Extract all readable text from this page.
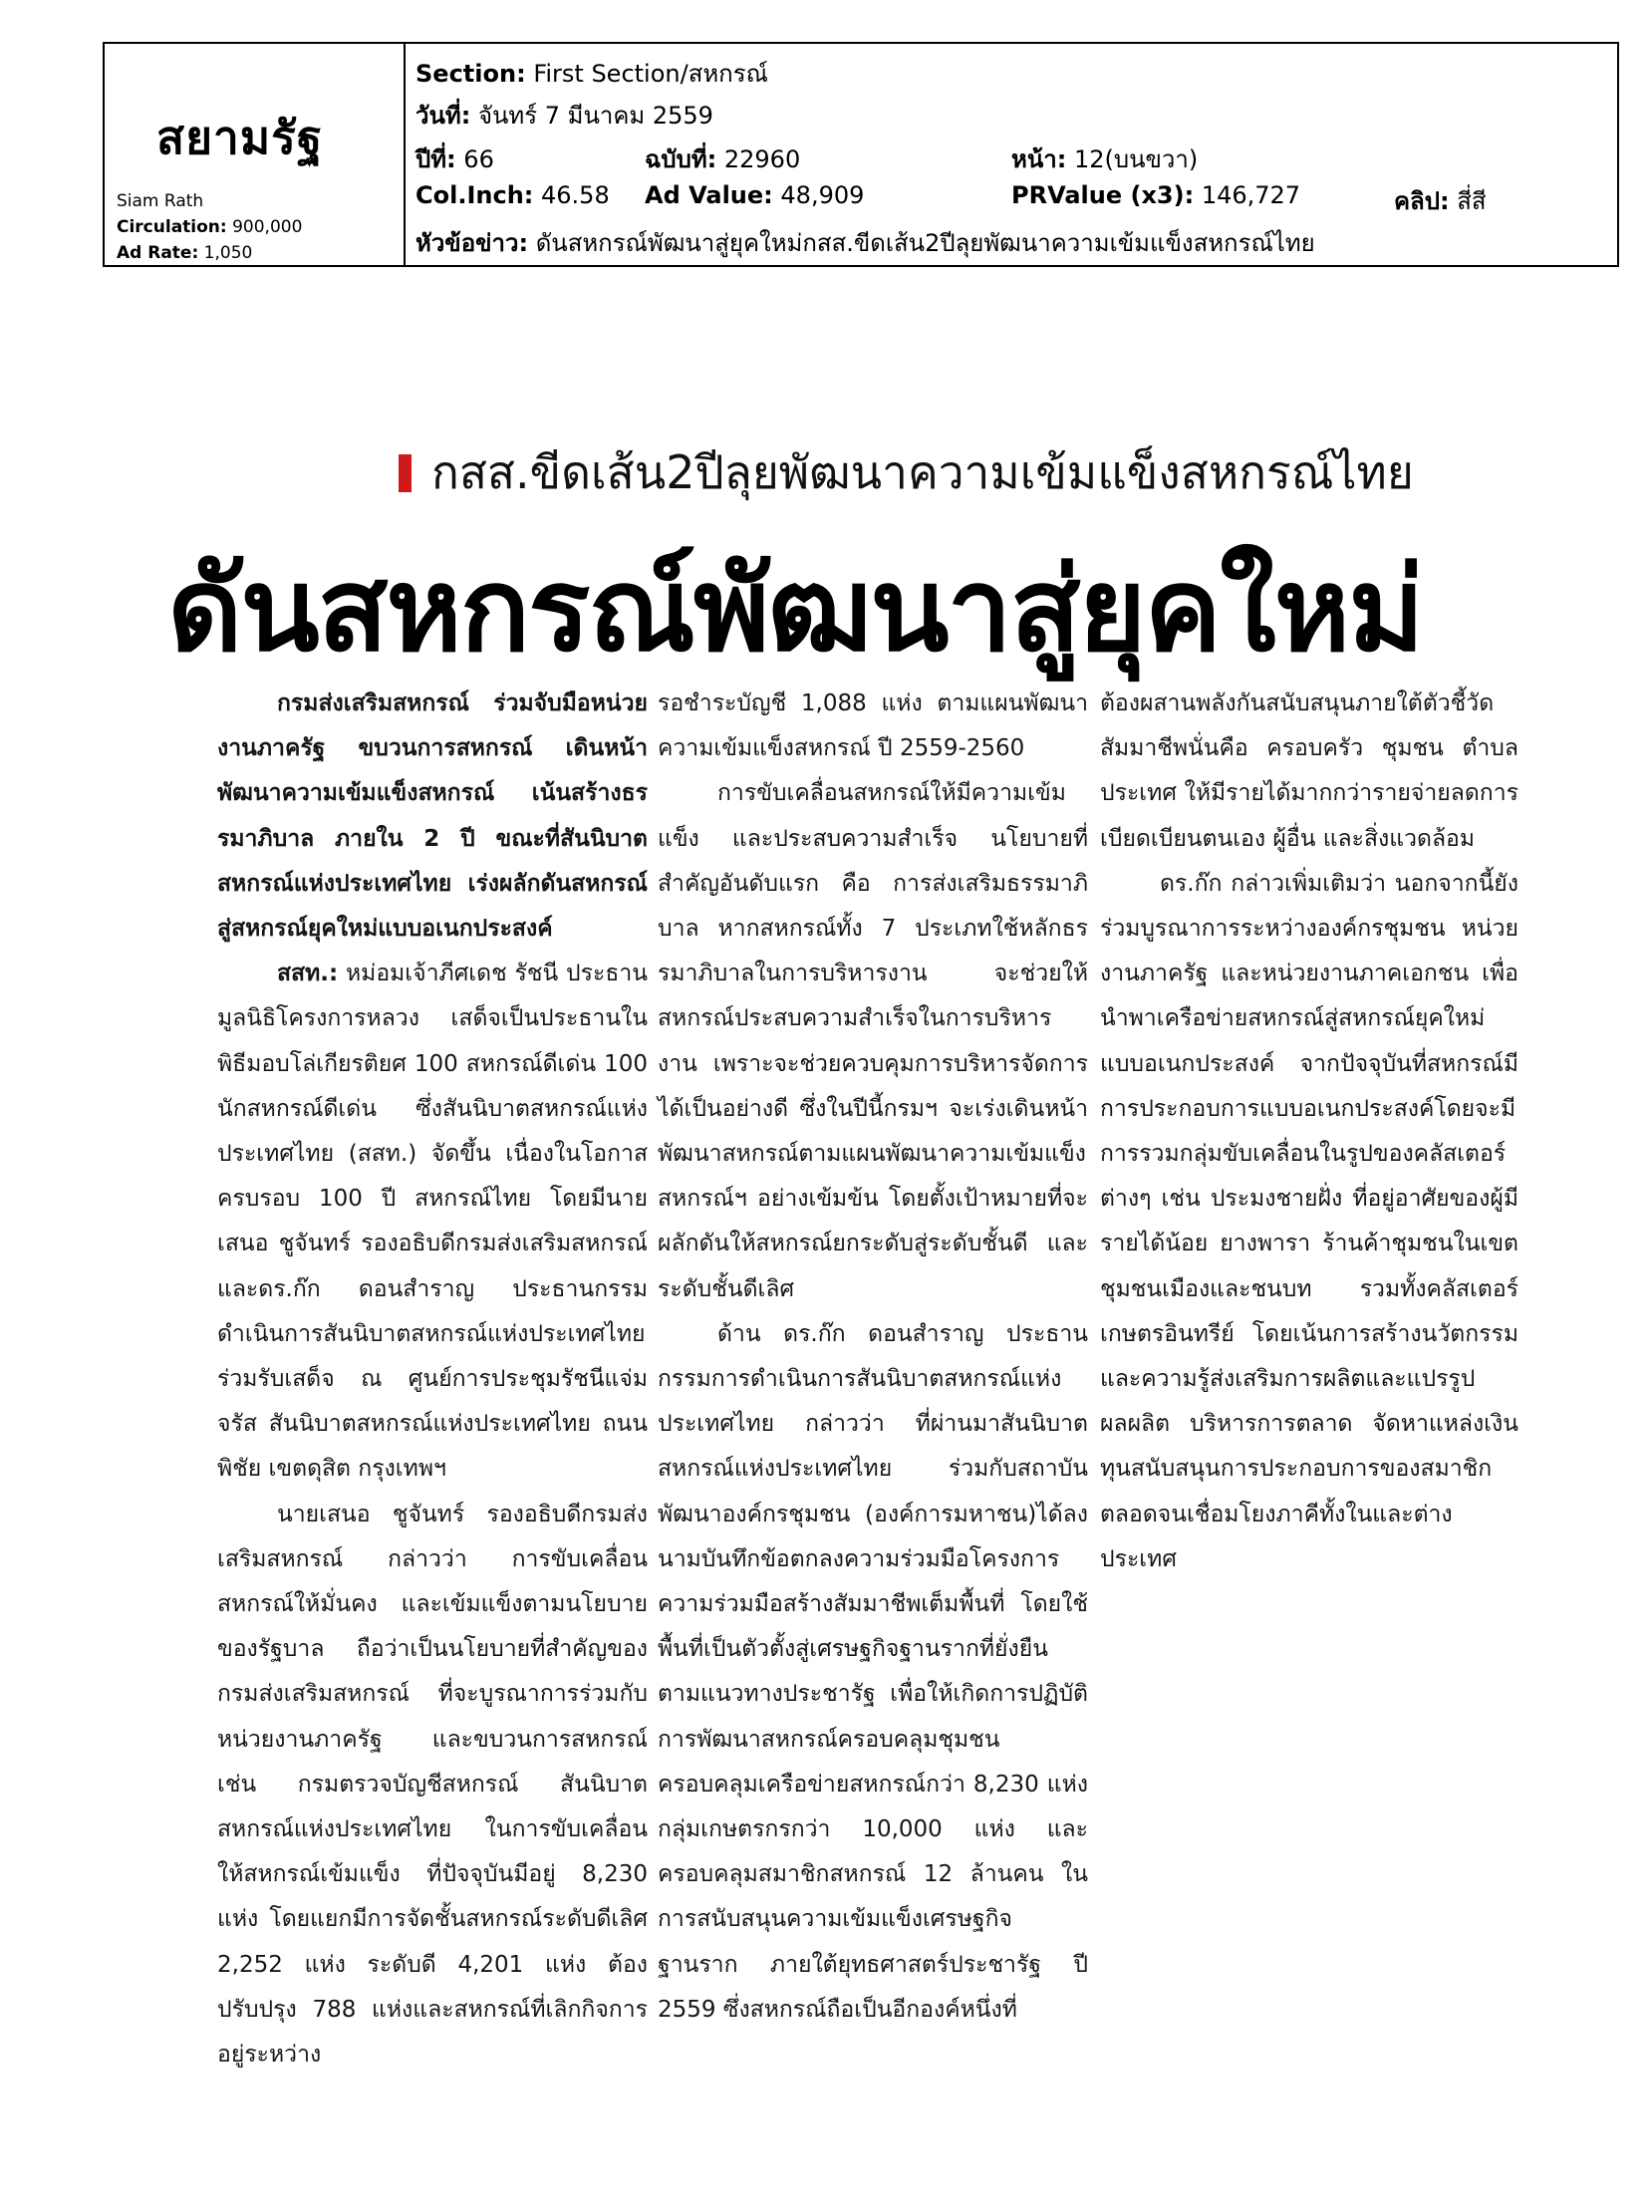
สยามรัฐ
Siam Rath
Circulation: 900,000
Ad Rate: 1,050
Section: First Section/สหกรณ์
วันที่: จันทร์ 7 มีนาคม 2559
ปีที่: 66	ฉบับที่: 22960	หน้า: 12(บนขวา)
Col.Inch: 46.58 Ad Value: 48,909	PRValue (x3): 146,727	คลิป: สี่สี
หัวข้อข่าว: ดันสหกรณ์พัฒนาสู่ยุคใหม่กสส.ขีดเส้น2ปีลุยพัฒนาความเข้มแข็งสหกรณ์ไทย
กสส.ขีดเส้น2ปีลุยพัฒนาความเข้มแข็งสหกรณ์ไทย
ดันสหกรณ์พัฒนาสู่ยุคใหม่

กรมส่งเสริมสหกรณ์ ร่วมจับมือหน่วยงานภาครัฐ ขบวนการสหกรณ์ เดินหน้าพัฒนาความเข้มแข็งสหกรณ์ เน้นสร้างธรรมาภิบาล ภายใน 2 ปี ขณะที่สันนิบาตสหกรณ์แห่งประเทศไทย เร่งผลักดันสหกรณ์สู่สหกรณ์ยุคใหม่แบบอเนกประสงค์

สสท.: หม่อมเจ้าภีศเดช รัชนี ประธานมูลนิธิโครงการหลวง เสด็จเป็นประธานในพิธีมอบโล่เกียรติยศ 100 สหกรณ์ดีเด่น 100 นักสหกรณ์ดีเด่น ซึ่งสันนิบาตสหกรณ์แห่งประเทศไทย (สสท.) จัดขึ้น เนื่องในโอกาสครบรอบ 100 ปี สหกรณ์ไทย โดยมีนายเสนอ ชูจันทร์ รองอธิบดีกรมส่งเสริมสหกรณ์ และดร.ก๊ก ดอนสำราญ ประธานกรรมดำเนินการสันนิบาตสหกรณ์แห่งประเทศไทย ร่วมรับเสด็จ ณ ศูนย์การประชุมรัชนีแจ่มจรัส สันนิบาตสหกรณ์แห่งประเทศไทย ถนนพิชัย เขตดุสิต กรุงเทพฯ

นายเสนอ ชูจันทร์ รองอธิบดีกรมส่งเสริมสหกรณ์ กล่าวว่า การขับเคลื่อนสหกรณ์ให้มั่นคง และเข้มแข็งตามนโยบายของรัฐบาล ถือว่าเป็นนโยบายที่สำคัญของกรมส่งเสริมสหกรณ์ ที่จะบูรณาการร่วมกับหน่วยงานภาครัฐ และขบวนการสหกรณ์ เช่น กรมตรวจบัญชีสหกรณ์ สันนิบาตสหกรณ์แห่งประเทศไทย ในการขับเคลื่อนให้สหกรณ์เข้มแข็ง ที่ปัจจุบันมีอยู่ 8,230 แห่ง โดยแยกมีการจัดชั้นสหกรณ์ระดับดีเลิศ 2,252 แห่ง ระดับดี 4,201 แห่ง ต้องปรับปรุง 788 แห่งและสหกรณ์ที่เลิกกิจการอยู่ระหว่าง

รอชำระบัญชี 1,088 แห่ง ตามแผนพัฒนาความเข้มแข็งสหกรณ์ ปี 2559-2560

การขับเคลื่อนสหกรณ์ให้มีความเข้มแข็ง และประสบความสำเร็จ นโยบายที่สำคัญอันดับแรก คือ การส่งเสริมธรรมาภิบาล หากสหกรณ์ทั้ง 7 ประเภทใช้หลักธรรมาภิบาลในการบริหารงาน จะช่วยให้สหกรณ์ประสบความสำเร็จในการบริหารงาน เพราะจะช่วยควบคุมการบริหารจัดการได้เป็นอย่างดี ซึ่งในปีนี้กรมฯ จะเร่งเดินหน้าพัฒนาสหกรณ์ตามแผนพัฒนาความเข้มแข็งสหกรณ์ฯ อย่างเข้มข้น โดยตั้งเป้าหมายที่จะผลักดันให้สหกรณ์ยกระดับสู่ระดับชั้นดี และระดับชั้นดีเลิศ

ด้าน ดร.ก๊ก ดอนสำราญ ประธานกรรมการดำเนินการสันนิบาตสหกรณ์แห่งประเทศไทย กล่าวว่า ที่ผ่านมาสันนิบาตสหกรณ์แห่งประเทศไทย ร่วมกับสถาบันพัฒนาองค์กรชุมชน (องค์การมหาชน)ได้ลงนามบันทึกข้อตกลงความร่วมมือโครงการความร่วมมือสร้างสัมมาชีพเต็มพื้นที่ โดยใช้พื้นที่เป็นตัวตั้งสู่เศรษฐกิจฐานรากที่ยั่งยืน ตามแนวทางประชารัฐ เพื่อให้เกิดการปฏิบัติการพัฒนาสหกรณ์ครอบคลุมชุมชนครอบคลุมเครือข่ายสหกรณ์กว่า 8,230 แห่ง กลุ่มเกษตรกรกว่า 10,000 แห่ง และครอบคลุมสมาชิกสหกรณ์ 12 ล้านคน ในการสนับสนุนความเข้มแข็งเศรษฐกิจฐานราก ภายใต้ยุทธศาสตร์ประชารัฐ ปี 2559 ซึ่งสหกรณ์ถือเป็นอีกองค์หนึ่งที่

ต้องผสานพลังกันสนับสนุนภายใต้ตัวชี้วัดสัมมาชีพนั่นคือ ครอบครัว ชุมชน ตำบล ประเทศ ให้มีรายได้มากกว่ารายจ่ายลดการเบียดเบียนตนเอง ผู้อื่น และสิ่งแวดล้อม

ดร.ก๊ก กล่าวเพิ่มเติมว่า นอกจากนี้ยังร่วมบูรณาการระหว่างองค์กรชุมชน หน่วยงานภาครัฐ และหน่วยงานภาคเอกชน เพื่อนำพาเครือข่ายสหกรณ์สู่สหกรณ์ยุคใหม่แบบอเนกประสงค์ จากปัจจุบันที่สหกรณ์มีการประกอบการแบบอเนกประสงค์โดยจะมีการรวมกลุ่มขับเคลื่อนในรูปของคลัสเตอร์ต่างๆ เช่น ประมงชายฝั่ง ที่อยู่อาศัยของผู้มีรายได้น้อย ยางพารา ร้านค้าชุมชนในเขตชุมชนเมืองและชนบท รวมทั้งคลัสเตอร์เกษตรอินทรีย์ โดยเน้นการสร้างนวัตกรรมและความรู้ส่งเสริมการผลิตและแปรรูปผลผลิต บริหารการตลาด จัดหาแหล่งเงินทุนสนับสนุนการประกอบการของสมาชิกตลอดจนเชื่อมโยงภาคีทั้งในและต่างประเทศ
